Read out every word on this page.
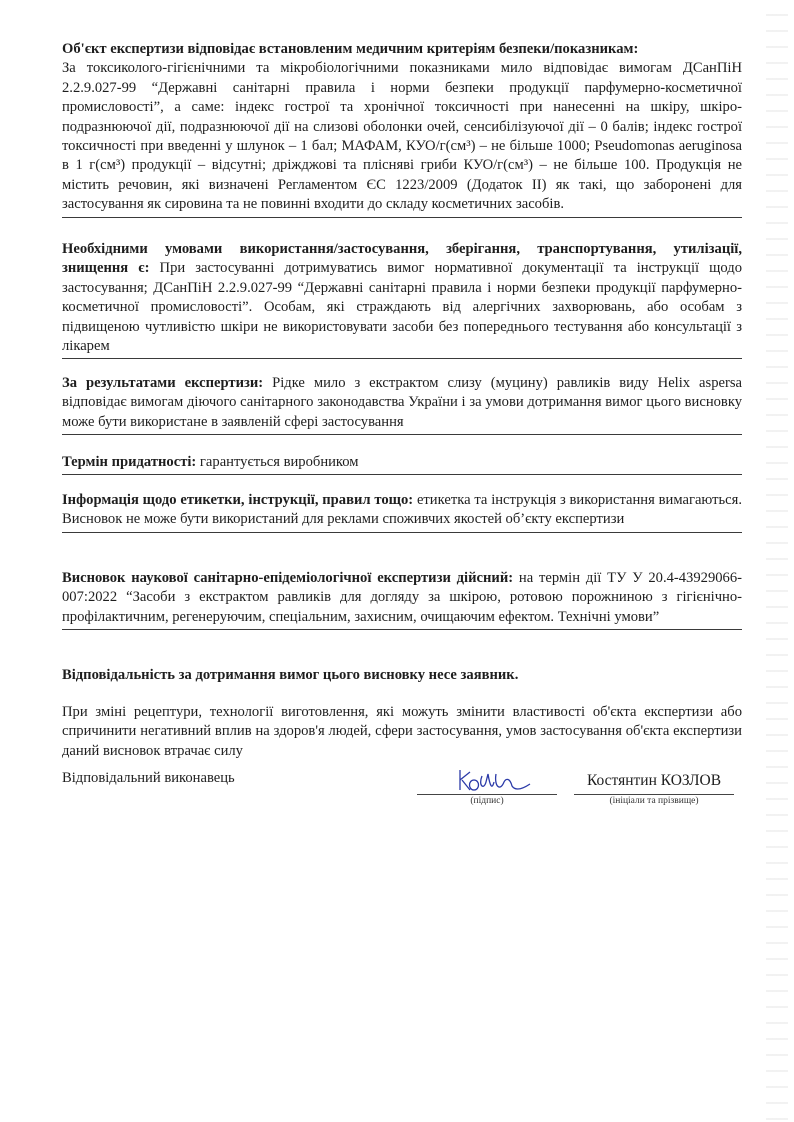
Об'єкт експертизи відповідає встановленим медичним критеріям безпеки/показникам:
За токсиколого-гігієнічними та мікробіологічними показниками мило відповідає вимогам ДСанПіН 2.2.9.027-99 “Державні санітарні правила і норми безпеки продукції парфумерно-косметичної промисловості”, а саме: індекс гострої та хронічної токсичності при нанесенні на шкіру, шкіро-подразнюючої дії, подразнюючої дії на слизові оболонки очей, сенсибілізуючої дії – 0 балів; індекс гострої токсичності при введенні у шлунок – 1 бал; МАФАМ, КУО/г(см³) – не більше 1000; Pseudomonas aeruginosa в 1 г(см³) продукції – відсутні; дріжджові та плісняві гриби КУО/г(см³) – не більше 100. Продукція не містить речовин, які визначені Регламентом ЄС 1223/2009 (Додаток II) як такі, що заборонені для застосування як сировина та не повинні входити до складу косметичних засобів.

Необхідними умовами використання/застосування, зберігання, транспортування, утилізації, знищення є: При застосуванні дотримуватись вимог нормативної документації та інструкції щодо застосування; ДСанПіН 2.2.9.027-99 “Державні санітарні правила і норми безпеки продукції парфумерно-косметичної промисловості”. Особам, які страждають від алергічних захворювань, або особам з підвищеною чутливістю шкіри не використовувати засоби без попереднього тестування або консультації з лікарем

За результатами експертизи: Рідке мило з екстрактом слизу (муцину) равликів виду Helix aspersa відповідає вимогам діючого санітарного законодавства України і за умови дотримання вимог цього висновку може бути використане в заявленій сфері застосування

Термін придатності: гарантується виробником

Інформація щодо етикетки, інструкції, правил тощо: етикетка та інструкція з використання вимагаються. Висновок не може бути використаний для реклами споживчих якостей об’єкту експертизи

Висновок наукової санітарно-епідеміологічної експертизи дійсний: на термін дії ТУ У 20.4-43929066-007:2022 “Засоби з екстрактом равликів для догляду за шкірою, ротовою порожниною з гігієнічно-профілактичним, регенеруючим, спеціальним, захисним, очищаючим ефектом. Технічні умови”

Відповідальність за дотримання вимог цього висновку несе заявник.

При зміні рецептури, технології виготовлення, які можуть змінити властивості об'єкта експертизи або спричинити негативний вплив на здоров'я людей, сфери застосування, умов застосування об'єкта експертизи даний висновок втрачає силу

Відповідальний виконавець
(підпис)
Костянтин КОЗЛОВ
(ініціали та прізвище)
